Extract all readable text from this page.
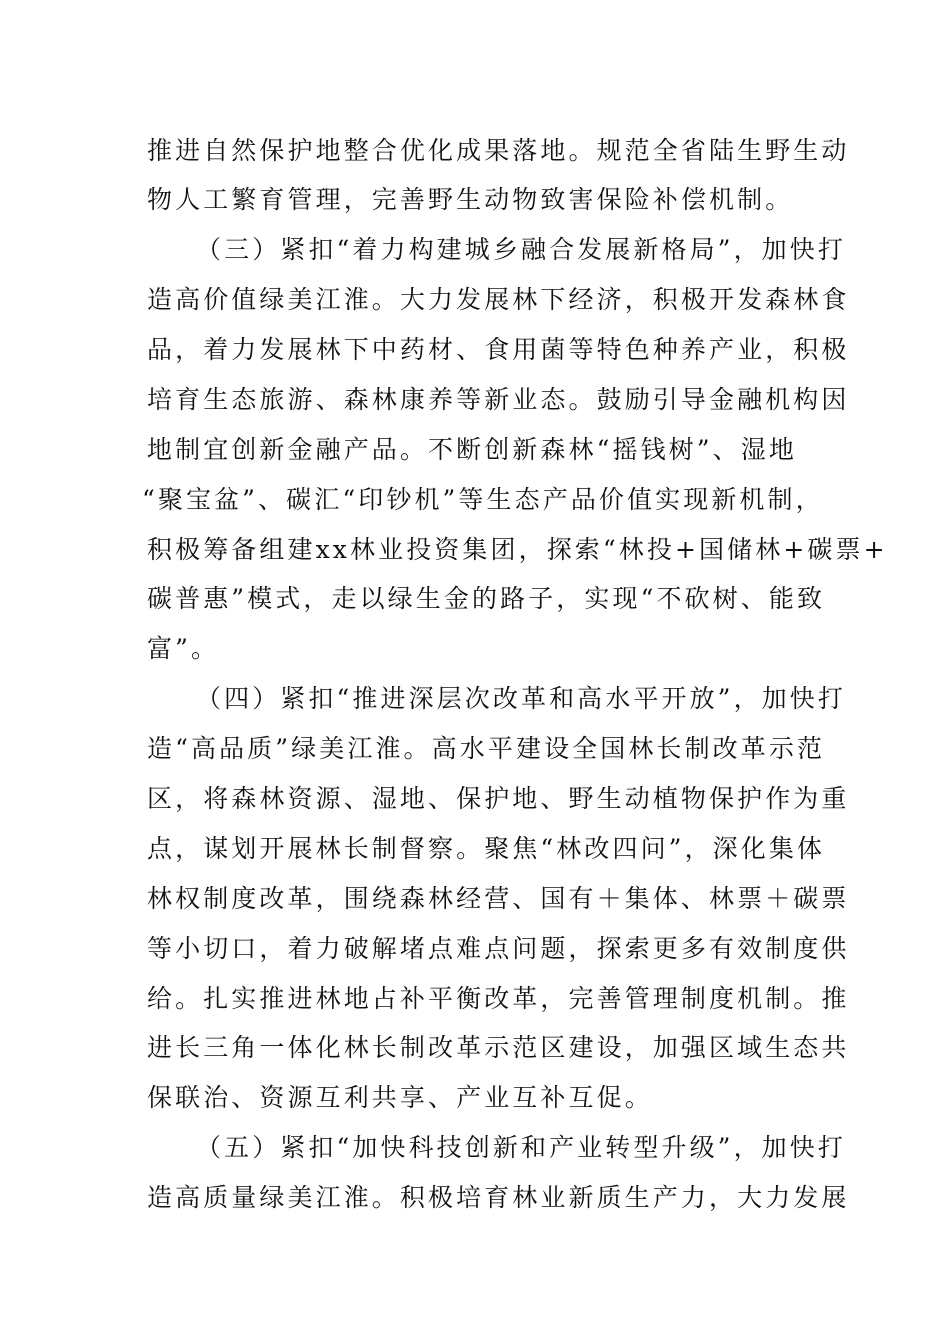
推进自然保护地整合优化成果落地。规范全省陆生野生动
物人工繁育管理，完善野生动物致害保险补偿机制。
（三）紧扣“着力构建城乡融合发展新格局”，加快打
造高价值绿美江淮。大力发展林下经济，积极开发森林食
品，着力发展林下中药材、食用菌等特色种养产业，积极
培育生态旅游、森林康养等新业态。鼓励引导金融机构因
地制宜创新金融产品。不断创新森林“摇钱树”、湿地
“聚宝盆”、碳汇“印钞机”等生态产品价值实现新机制，
积极筹备组建xx林业投资集团，探索“林投+国储林+碳票+
碳普惠”模式，走以绿生金的路子，实现“不砍树、能致
富”。
（四）紧扣“推进深层次改革和高水平开放”，加快打
造“高品质”绿美江淮。高水平建设全国林长制改革示范
区，将森林资源、湿地、保护地、野生动植物保护作为重
点，谋划开展林长制督察。聚焦“林改四问”，深化集体
林权制度改革，围绕森林经营、国有＋集体、林票＋碳票
等小切口，着力破解堵点难点问题，探索更多有效制度供
给。扎实推进林地占补平衡改革，完善管理制度机制。推
进长三角一体化林长制改革示范区建设，加强区域生态共
保联治、资源互利共享、产业互补互促。
（五）紧扣“加快科技创新和产业转型升级”，加快打
造高质量绿美江淮。积极培育林业新质生产力，大力发展
